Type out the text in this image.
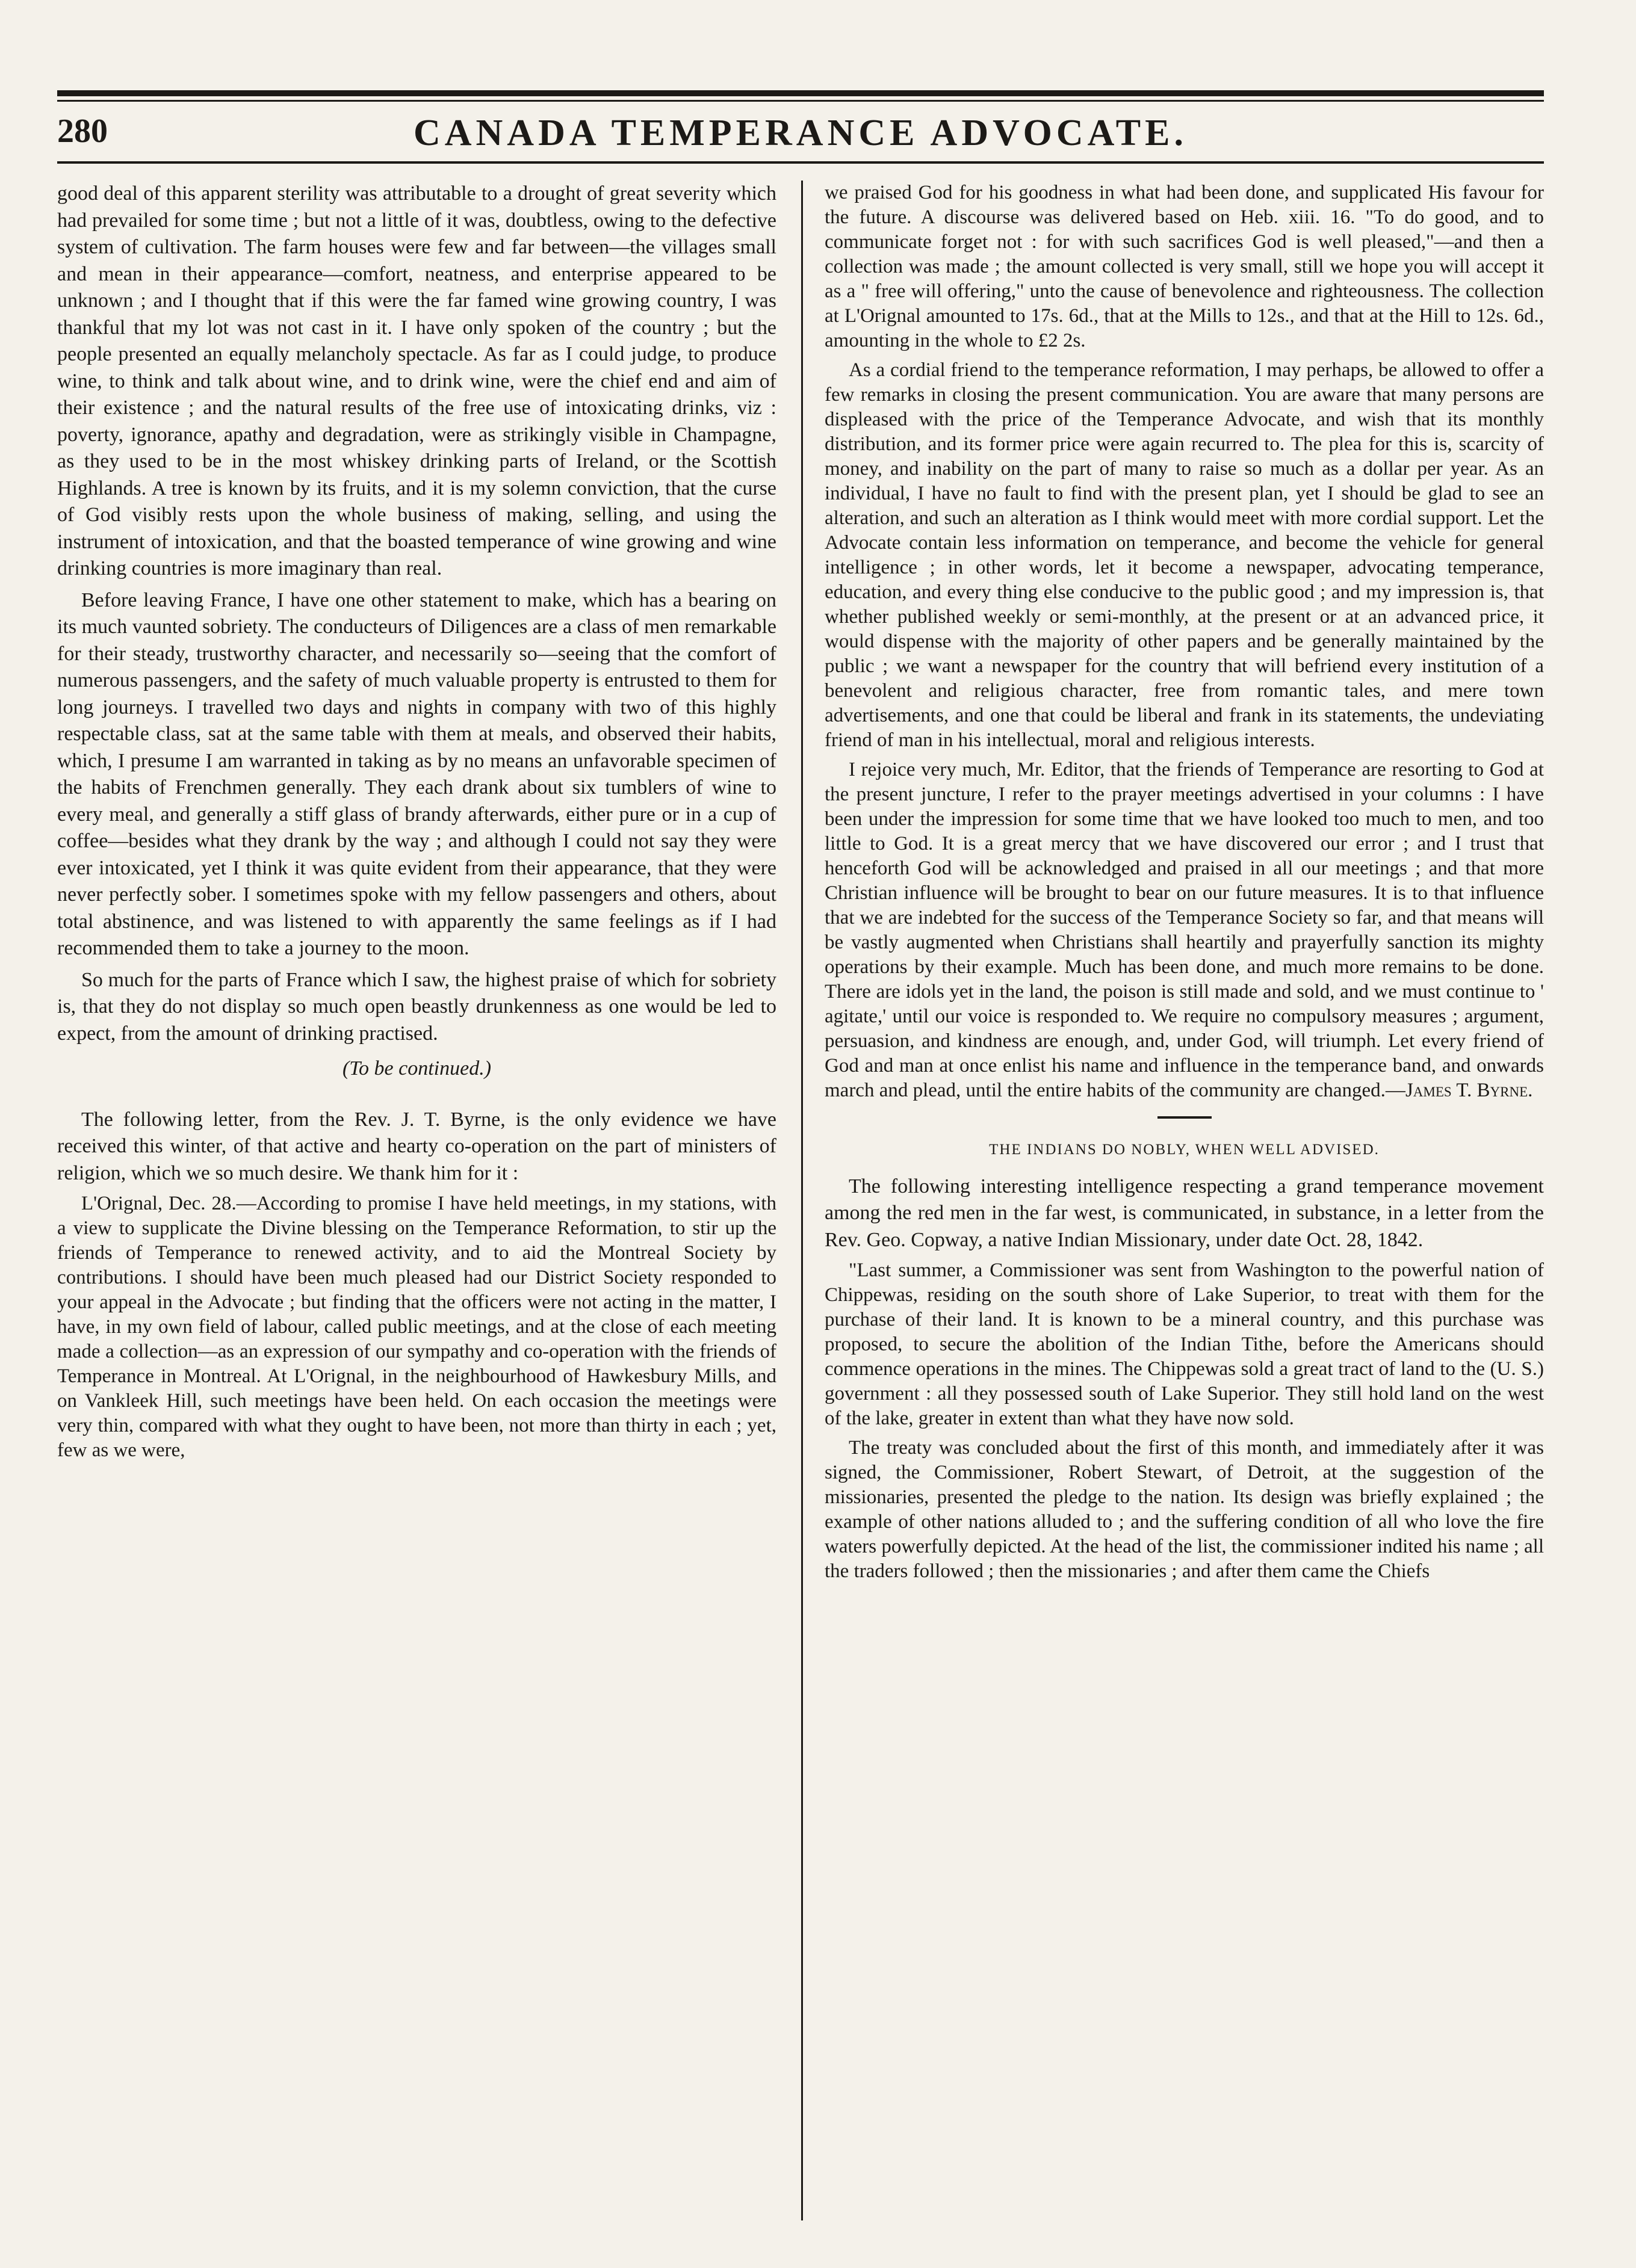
280	CANADA TEMPERANCE ADVOCATE.

good deal of this apparent sterility was attributable to a drought of great severity which had prevailed for some time ; but not a little of it was, doubtless, owing to the defective system of cultivation. The farm houses were few and far between—the villages small and mean in their appearance—comfort, neatness, and enterprise appeared to be unknown ; and I thought that if this were the far famed wine growing country, I was thankful that my lot was not cast in it. I have only spoken of the country ; but the people presented an equally melancholy spectacle. As far as I could judge, to produce wine, to think and talk about wine, and to drink wine, were the chief end and aim of their existence ; and the natural results of the free use of intoxicating drinks, viz : poverty, ignorance, apathy and degradation, were as strikingly visible in Champagne, as they used to be in the most whiskey drinking parts of Ireland, or the Scottish Highlands. A tree is known by its fruits, and it is my solemn conviction, that the curse of God visibly rests upon the whole business of making, selling, and using the instrument of intoxication, and that the boasted temperance of wine growing and wine drinking countries is more imaginary than real.

Before leaving France, I have one other statement to make, which has a bearing on its much vaunted sobriety. The conducteurs of Diligences are a class of men remarkable for their steady, trustworthy character, and necessarily so—seeing that the comfort of numerous passengers, and the safety of much valuable property is entrusted to them for long journeys. I travelled two days and nights in company with two of this highly respectable class, sat at the same table with them at meals, and observed their habits, which, I presume I am warranted in taking as by no means an unfavorable specimen of the habits of Frenchmen generally. They each drank about six tumblers of wine to every meal, and generally a stiff glass of brandy afterwards, either pure or in a cup of coffee—besides what they drank by the way ; and although I could not say they were ever intoxicated, yet I think it was quite evident from their appearance, that they were never perfectly sober. I sometimes spoke with my fellow passengers and others, about total abstinence, and was listened to with apparently the same feelings as if I had recommended them to take a journey to the moon.

So much for the parts of France which I saw, the highest praise of which for sobriety is, that they do not display so much open beastly drunkenness as one would be led to expect, from the amount of drinking practised.

(To be continued.)

The following letter, from the Rev. J. T. Byrne, is the only evidence we have received this winter, of that active and hearty co-operation on the part of ministers of religion, which we so much desire. We thank him for it :

L'Orignal, Dec. 28.—According to promise I have held meetings, in my stations, with a view to supplicate the Divine blessing on the Temperance Reformation, to stir up the friends of Temperance to renewed activity, and to aid the Montreal Society by contributions. I should have been much pleased had our District Society responded to your appeal in the Advocate ; but finding that the officers were not acting in the matter, I have, in my own field of labour, called public meetings, and at the close of each meeting made a collection—as an expression of our sympathy and co-operation with the friends of Temperance in Montreal. At L'Orignal, in the neighbourhood of Hawkesbury Mills, and on Vankleek Hill, such meetings have been held. On each occasion the meetings were very thin, compared with what they ought to have been, not more than thirty in each ; yet, few as we were,

we praised God for his goodness in what had been done, and supplicated His favour for the future. A discourse was delivered based on Heb. xiii. 16. "To do good, and to communicate forget not : for with such sacrifices God is well pleased,"—and then a collection was made ; the amount collected is very small, still we hope you will accept it as a " free will offering," unto the cause of benevolence and righteousness. The collection at L'Orignal amounted to 17s. 6d., that at the Mills to 12s., and that at the Hill to 12s. 6d., amounting in the whole to £2 2s.

As a cordial friend to the temperance reformation, I may perhaps, be allowed to offer a few remarks in closing the present communication. You are aware that many persons are displeased with the price of the Temperance Advocate, and wish that its monthly distribution, and its former price were again recurred to. The plea for this is, scarcity of money, and inability on the part of many to raise so much as a dollar per year. As an individual, I have no fault to find with the present plan, yet I should be glad to see an alteration, and such an alteration as I think would meet with more cordial support. Let the Advocate contain less information on temperance, and become the vehicle for general intelligence ; in other words, let it become a newspaper, advocating temperance, education, and every thing else conducive to the public good ; and my impression is, that whether published weekly or semi-monthly, at the present or at an advanced price, it would dispense with the majority of other papers and be generally maintained by the public ; we want a newspaper for the country that will befriend every institution of a benevolent and religious character, free from romantic tales, and mere town advertisements, and one that could be liberal and frank in its statements, the undeviating friend of man in his intellectual, moral and religious interests.

I rejoice very much, Mr. Editor, that the friends of Temperance are resorting to God at the present juncture, I refer to the prayer meetings advertised in your columns : I have been under the impression for some time that we have looked too much to men, and too little to God. It is a great mercy that we have discovered our error ; and I trust that henceforth God will be acknowledged and praised in all our meetings ; and that more Christian influence will be brought to bear on our future measures. It is to that influence that we are indebted for the success of the Temperance Society so far, and that means will be vastly augmented when Christians shall heartily and prayerfully sanction its mighty operations by their example. Much has been done, and much more remains to be done. There are idols yet in the land, the poison is still made and sold, and we must continue to ' agitate,' until our voice is responded to. We require no compulsory measures ; argument, persuasion, and kindness are enough, and, under God, will triumph. Let every friend of God and man at once enlist his name and influence in the temperance band, and onwards march and plead, until the entire habits of the community are changed.—James T. Byrne.

THE INDIANS DO NOBLY, WHEN WELL ADVISED.

The following interesting intelligence respecting a grand temperance movement among the red men in the far west, is communicated, in substance, in a letter from the Rev. Geo. Copway, a native Indian Missionary, under date Oct. 28, 1842.

"Last summer, a Commissioner was sent from Washington to the powerful nation of Chippewas, residing on the south shore of Lake Superior, to treat with them for the purchase of their land. It is known to be a mineral country, and this purchase was proposed, to secure the abolition of the Indian Tithe, before the Americans should commence operations in the mines. The Chippewas sold a great tract of land to the (U. S.) government : all they possessed south of Lake Superior. They still hold land on the west of the lake, greater in extent than what they have now sold.

The treaty was concluded about the first of this month, and immediately after it was signed, the Commissioner, Robert Stewart, of Detroit, at the suggestion of the missionaries, presented the pledge to the nation. Its design was briefly explained ; the example of other nations alluded to ; and the suffering condition of all who love the fire waters powerfully depicted. At the head of the list, the commissioner indited his name ; all the traders followed ; then the missionaries ; and after them came the Chiefs
